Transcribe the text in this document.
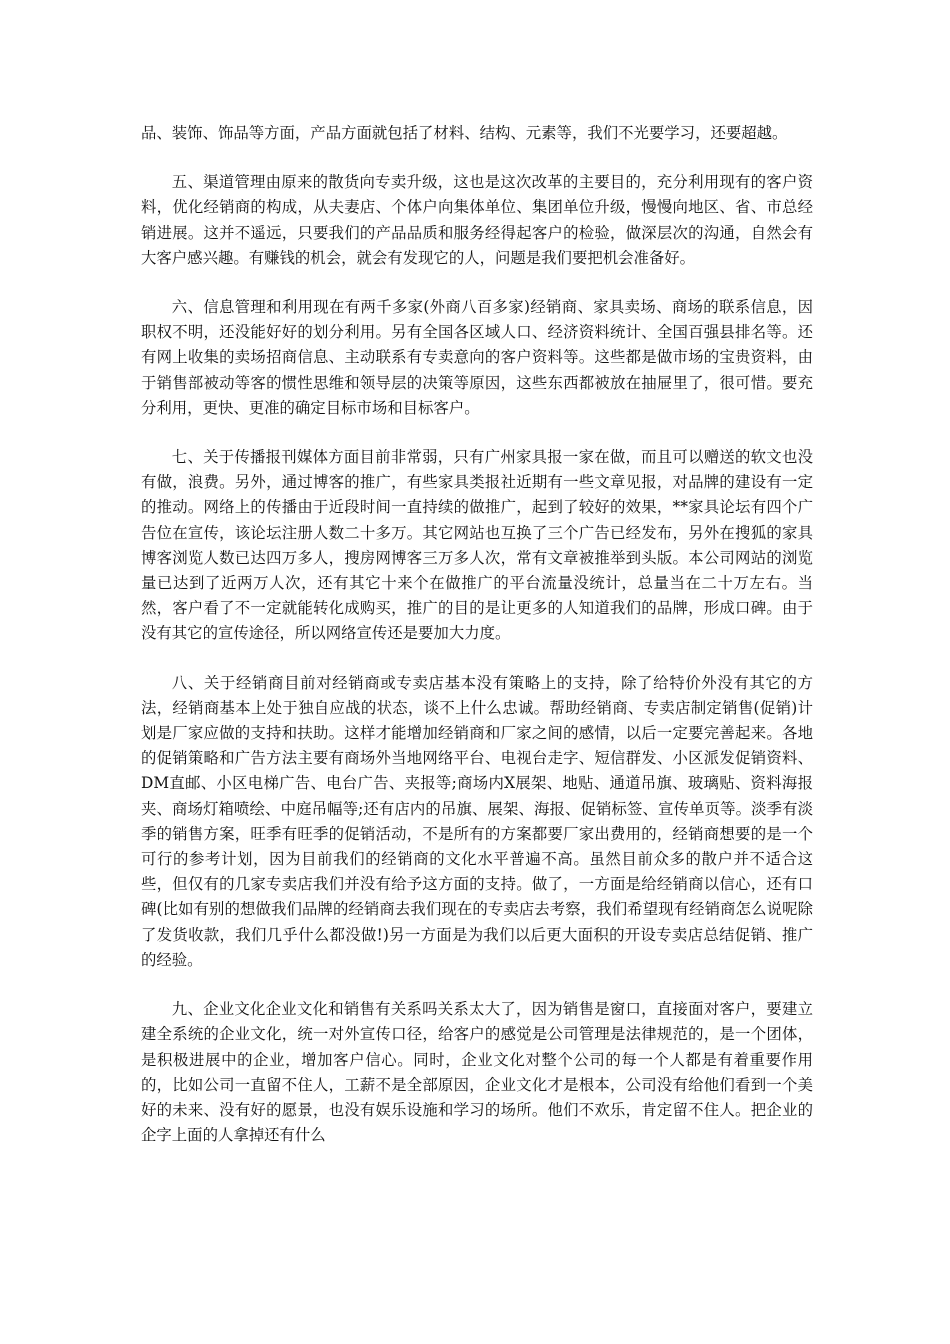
品、装饰、饰品等方面，产品方面就包括了材料、结构、元素等，我们不光要学习，还要超越。

五、渠道管理由原来的散货向专卖升级，这也是这次改革的主要目的，充分利用现有的客户资料，优化经销商的构成，从夫妻店、个体户向集体单位、集团单位升级，慢慢向地区、省、市总经销进展。这并不遥远，只要我们的产品品质和服务经得起客户的检验，做深层次的沟通，自然会有大客户感兴趣。有赚钱的机会，就会有发现它的人，问题是我们要把机会准备好。

六、信息管理和利用现在有两千多家(外商八百多家)经销商、家具卖场、商场的联系信息，因职权不明，还没能好好的划分利用。另有全国各区域人口、经济资料统计、全国百强县排名等。还有网上收集的卖场招商信息、主动联系有专卖意向的客户资料等。这些都是做市场的宝贵资料，由于销售部被动等客的惯性思维和领导层的决策等原因，这些东西都被放在抽屉里了，很可惜。要充分利用，更快、更准的确定目标市场和目标客户。

七、关于传播报刊媒体方面目前非常弱，只有广州家具报一家在做，而且可以赠送的软文也没有做，浪费。另外，通过博客的推广，有些家具类报社近期有一些文章见报，对品牌的建设有一定的推动。网络上的传播由于近段时间一直持续的做推广，起到了较好的效果，**家具论坛有四个广告位在宣传，该论坛注册人数二十多万。其它网站也互换了三个广告已经发布，另外在搜狐的家具博客浏览人数已达四万多人，搜房网博客三万多人次，常有文章被推举到头版。本公司网站的浏览量已达到了近两万人次，还有其它十来个在做推广的平台流量没统计，总量当在二十万左右。当然，客户看了不一定就能转化成购买，推广的目的是让更多的人知道我们的品牌，形成口碑。由于没有其它的宣传途径，所以网络宣传还是要加大力度。

八、关于经销商目前对经销商或专卖店基本没有策略上的支持，除了给特价外没有其它的方法，经销商基本上处于独自应战的状态，谈不上什么忠诚。帮助经销商、专卖店制定销售(促销)计划是厂家应做的支持和扶助。这样才能增加经销商和厂家之间的感情，以后一定要完善起来。各地的促销策略和广告方法主要有商场外当地网络平台、电视台走字、短信群发、小区派发促销资料、DM直邮、小区电梯广告、电台广告、夹报等;商场内X展架、地贴、通道吊旗、玻璃贴、资料海报夹、商场灯箱喷绘、中庭吊幅等;还有店内的吊旗、展架、海报、促销标签、宣传单页等。淡季有淡季的销售方案，旺季有旺季的促销活动，不是所有的方案都要厂家出费用的，经销商想要的是一个可行的参考计划，因为目前我们的经销商的文化水平普遍不高。虽然目前众多的散户并不适合这些，但仅有的几家专卖店我们并没有给予这方面的支持。做了，一方面是给经销商以信心，还有口碑(比如有别的想做我们品牌的经销商去我们现在的专卖店去考察，我们希望现有经销商怎么说呢除了发货收款，我们几乎什么都没做!)另一方面是为我们以后更大面积的开设专卖店总结促销、推广的经验。

九、企业文化企业文化和销售有关系吗关系太大了，因为销售是窗口，直接面对客户，要建立建全系统的企业文化，统一对外宣传口径，给客户的感觉是公司管理是法律规范的，是一个团体，是积极进展中的企业，增加客户信心。同时，企业文化对整个公司的每一个人都是有着重要作用的，比如公司一直留不住人，工薪不是全部原因，企业文化才是根本，公司没有给他们看到一个美好的未来、没有好的愿景，也没有娱乐设施和学习的场所。他们不欢乐，肯定留不住人。把企业的企字上面的人拿掉还有什么
